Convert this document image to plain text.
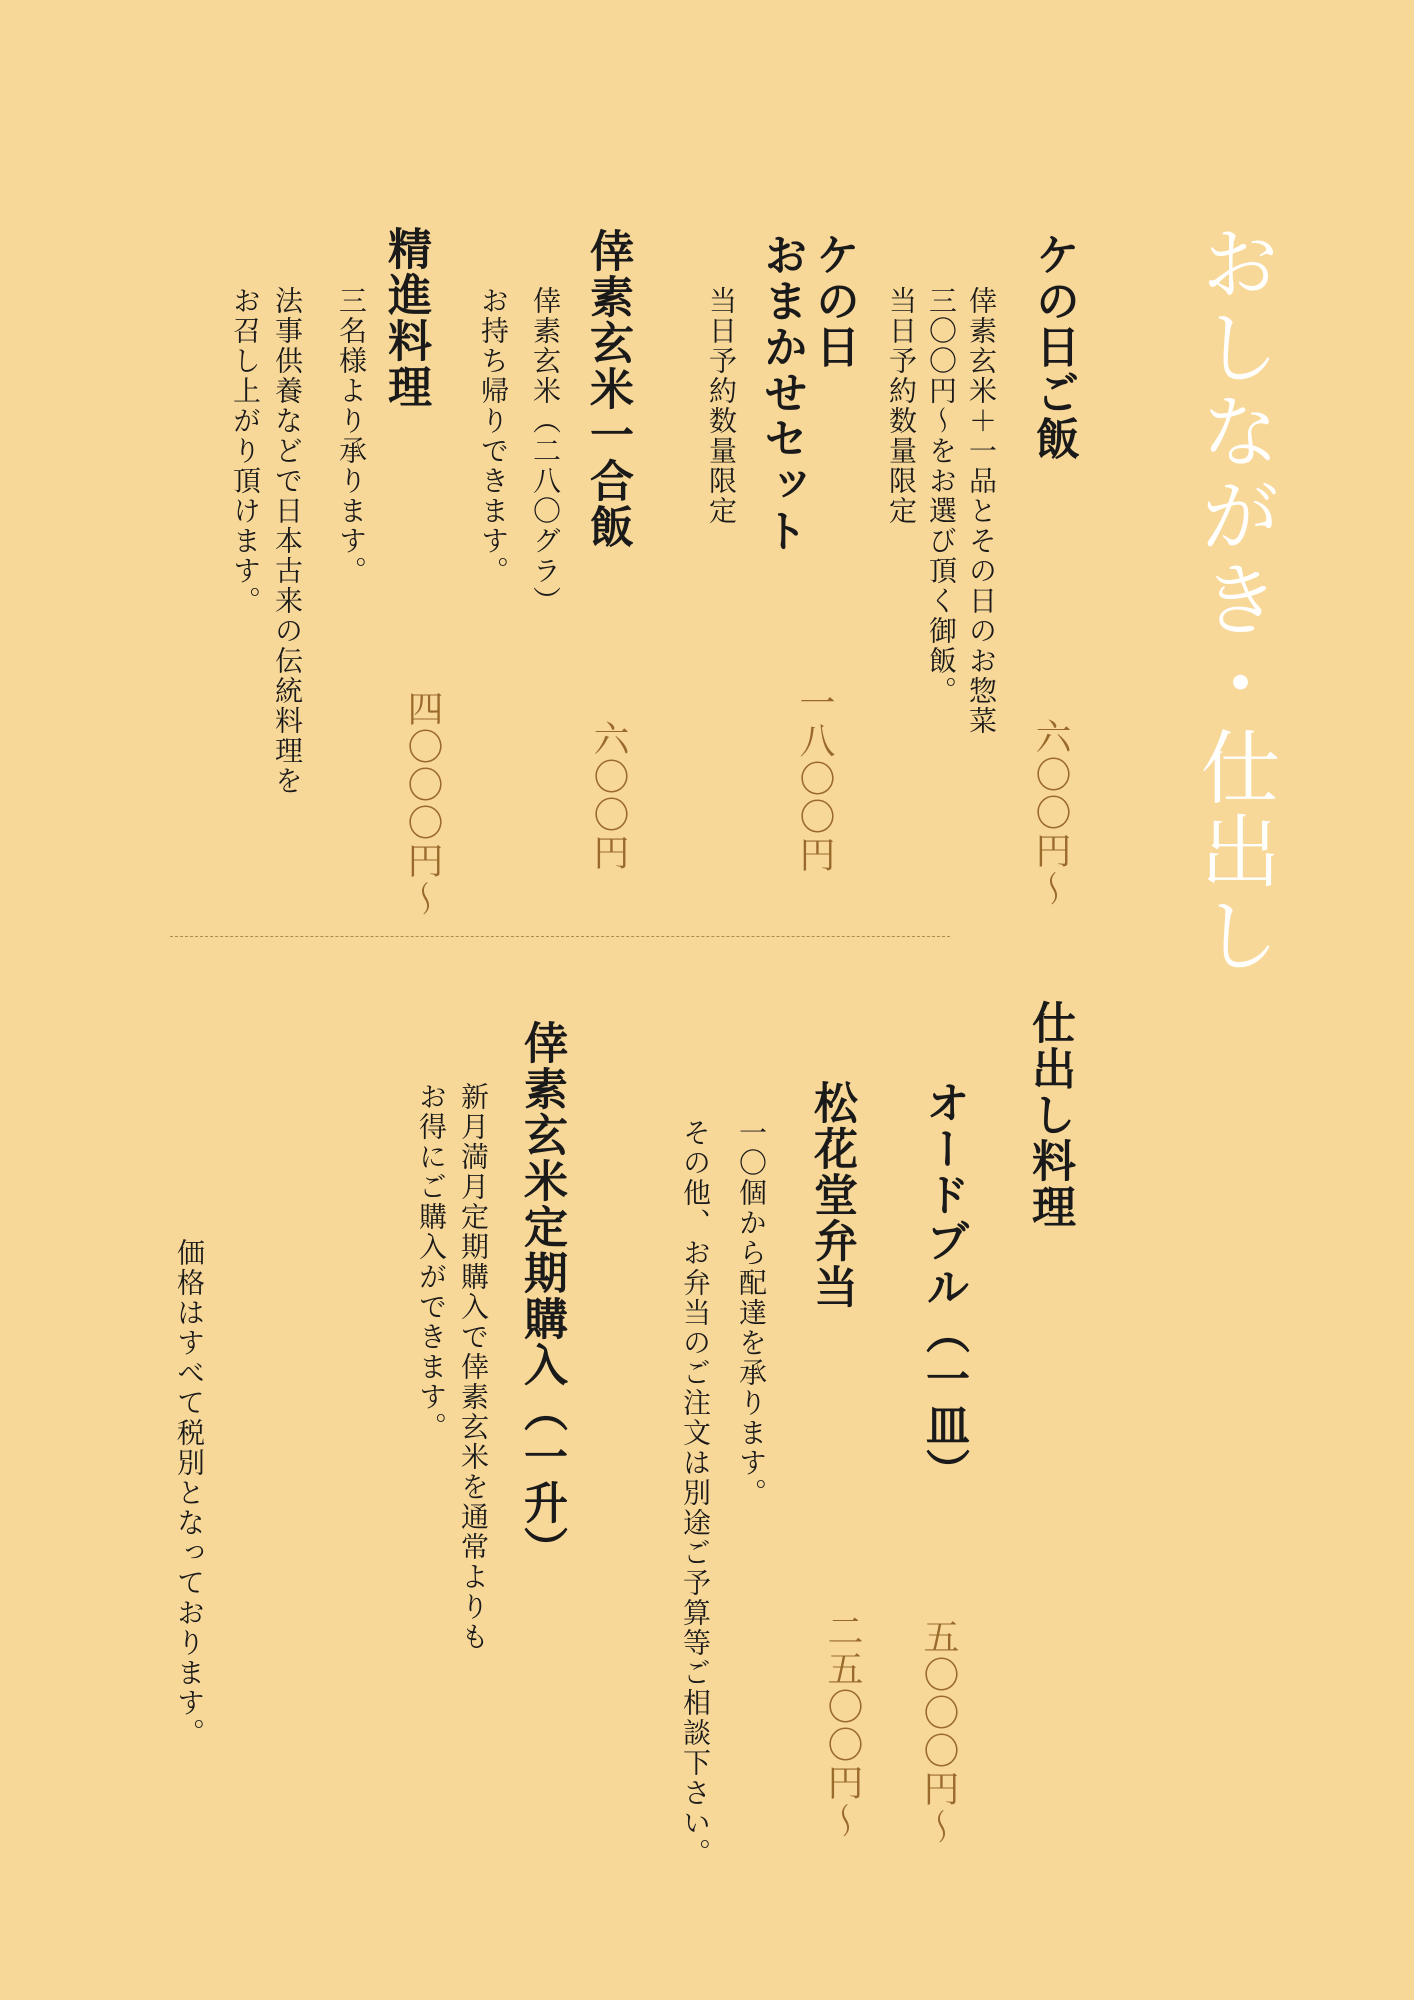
おしながき・仕出し
ケの日ご飯
倖素玄米＋一品とその日のお惣菜
三〇〇円〜をお選び頂く御飯。
当日予約数量限定
六〇〇円〜
ケの日
おまかせセット
当日予約数量限定
一八〇〇円
倖素玄米一合飯
倖素玄米（二八〇グラ）
お持ち帰りできます。
六〇〇円
精進料理
三名様より承ります。
法事供養などで日本古来の伝統料理を
お召し上がり頂けます。
四〇〇〇円〜
仕出し料理
オードブル（一皿）
五〇〇〇円〜
松花堂弁当
一〇個から配達を承ります。
その他、お弁当のご注文は別途ご予算等ご相談下さい。	二五〇〇円〜
倖素玄米定期購入（一升）
新月満月定期購入で倖素玄米を通常よりも
お得にご購入ができます。
価格はすべて税別となっております。
